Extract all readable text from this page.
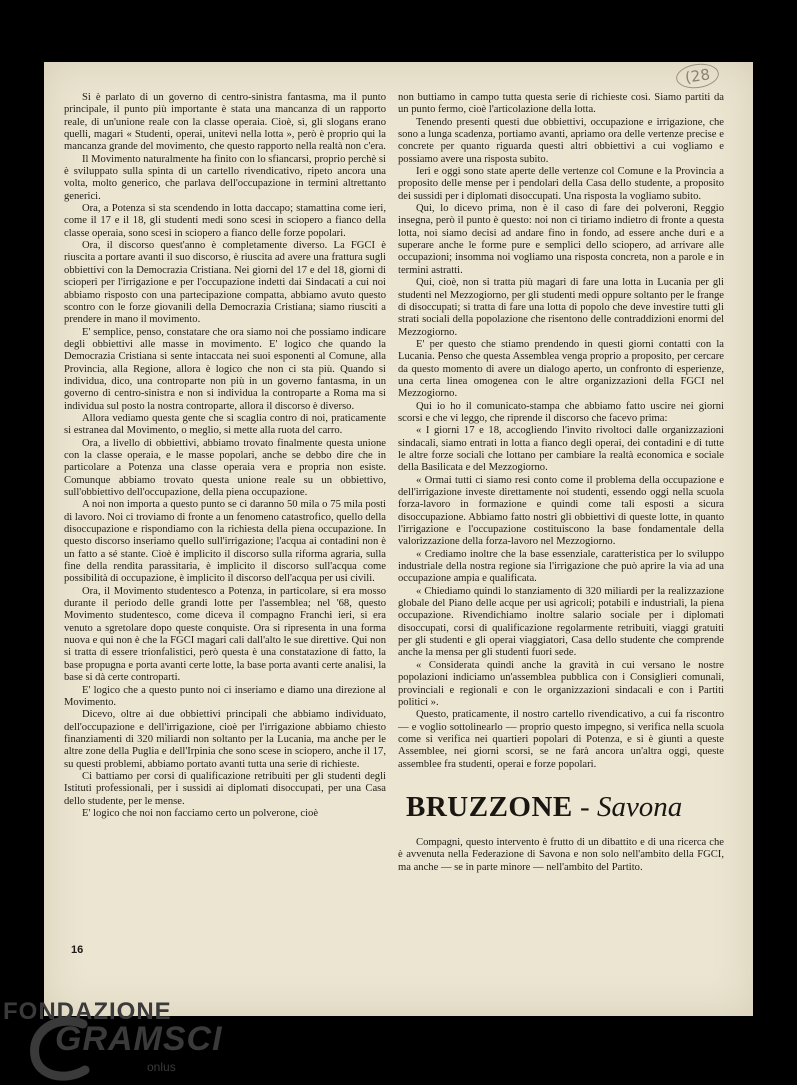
(28

Si è parlato di un governo di centro-sinistra fantasma, ma il punto principale, il punto più importante è stata una mancanza di un rapporto reale, di un'unione reale con la classe operaia. Cioè, sì, gli slogans erano quelli, magari « Studenti, operai, unitevi nella lotta », però è proprio qui la mancanza grande del movimento, che questo rapporto nella realtà non c'era.

Il Movimento naturalmente ha finito con lo sfiancarsi, proprio perchè si è sviluppato sulla spinta di un cartello rivendicativo, ripeto ancora una volta, molto generico, che parlava dell'occupazione in termini altrettanto generici.

Ora, a Potenza si sta scendendo in lotta daccapo; stamattina come ieri, come il 17 e il 18, gli studenti medi sono scesi in sciopero a fianco della classe operaia, sono scesi in sciopero a fianco delle forze popolari.

Ora, il discorso quest'anno è completamente diverso. La FGCI è riuscita a portare avanti il suo discorso, è riuscita ad avere una frattura sugli obbiettivi con la Democrazia Cristiana. Nei giorni del 17 e del 18, giorni di scioperi per l'irrigazione e per l'occupazione indetti dai Sindacati a cui noi abbiamo risposto con una partecipazione compatta, abbiamo avuto questo scontro con le forze giovanili della Democrazia Cristiana; siamo riusciti a prendere in mano il movimento.

E' semplice, penso, constatare che ora siamo noi che possiamo indicare degli obbiettivi alle masse in movimento. E' logico che quando la Democrazia Cristiana si sente intaccata nei suoi esponenti al Comune, alla Provincia, alla Regione, allora è logico che non ci sta più. Quando si individua, dico, una controparte non più in un governo fantasma, in un governo di centro-sinistra e non si individua la controparte a Roma ma si individua sul posto la nostra controparte, allora il discorso è diverso.

Allora vediamo questa gente che si scaglia contro di noi, praticamente si estranea dal Movimento, o meglio, si mette alla ruota del carro.

Ora, a livello di obbiettivi, abbiamo trovato finalmente questa unione con la classe operaia, e le masse popolari, anche se debbo dire che in particolare a Potenza una classe operaia vera e propria non esiste. Comunque abbiamo trovato questa unione reale su un obbiettivo, sull'obbiettivo dell'occupazione, della piena occupazione.

A noi non importa a questo punto se ci daranno 50 mila o 75 mila posti di lavoro. Noi ci troviamo di fronte a un fenomeno catastrofico, quello della disoccupazione e rispondiamo con la richiesta della piena occupazione. In questo discorso inseriamo quello sull'irrigazione; l'acqua ai contadini non è un fatto a sé stante. Cioè è implicito il discorso sulla riforma agraria, sulla fine della rendita parassitaria, è implicito il discorso sull'acqua come possibilità di occupazione, è implicito il discorso dell'acqua per usi civili.

Ora, il Movimento studentesco a Potenza, in particolare, si era mosso durante il periodo delle grandi lotte per l'assemblea; nel '68, questo Movimento studentesco, come diceva il compagno Franchi ieri, si era venuto a sgretolare dopo queste conquiste. Ora si ripresenta in una forma nuova e qui non è che la FGCI magari cali dall'alto le sue direttive. Qui non si tratta di essere trionfalistici, però questa è una constatazione di fatto, la base propugna e porta avanti certe lotte, la base porta avanti certe analisi, la base si dà certe controparti.

E' logico che a questo punto noi ci inseriamo e diamo una direzione al Movimento.

Dicevo, oltre ai due obbiettivi principali che abbiamo individuato, dell'occupazione e dell'irrigazione, cioè per l'irrigazione abbiamo chiesto finanziamenti di 320 miliardi non soltanto per la Lucania, ma anche per le altre zone della Puglia e dell'Irpinia che sono scese in sciopero, anche il 17, su questi problemi, abbiamo portato avanti tutta una serie di richieste.

Ci battiamo per corsi di qualificazione retribuiti per gli studenti degli Istituti professionali, per i sussidi ai diplomati disoccupati, per una Casa dello studente, per le mense.

E' logico che noi non facciamo certo un polverone, cioè

non buttiamo in campo tutta questa serie di richieste così. Siamo partiti da un punto fermo, cioè l'articolazione della lotta.

Tenendo presenti questi due obbiettivi, occupazione e irrigazione, che sono a lunga scadenza, portiamo avanti, apriamo ora delle vertenze precise e concrete per quanto riguarda questi altri obbiettivi a cui vogliamo e possiamo avere una risposta subito.

Ieri e oggi sono state aperte delle vertenze col Comune e la Provincia a proposito delle mense per i pendolari della Casa dello studente, a proposito dei sussidi per i diplomati disoccupati. Una risposta la vogliamo subito.

Qui, lo dicevo prima, non è il caso di fare dei polveroni, Reggio insegna, però il punto è questo: noi non ci tiriamo indietro di fronte a questa lotta, noi siamo decisi ad andare fino in fondo, ad essere anche duri e a superare anche le forme pure e semplici dello sciopero, ad arrivare alle occupazioni; insomma noi vogliamo una risposta concreta, non a parole e in termini astratti.

Qui, cioè, non si tratta più magari di fare una lotta in Lucania per gli studenti nel Mezzogiorno, per gli studenti medi oppure soltanto per le frange di disoccupati; si tratta di fare una lotta di popolo che deve investire tutti gli strati sociali della popolazione che risentono delle contraddizioni enormi del Mezzogiorno.

E' per questo che stiamo prendendo in questi giorni contatti con la Lucania. Penso che questa Assemblea venga proprio a proposito, per cercare da questo momento di avere un dialogo aperto, un confronto di esperienze, una certa linea omogenea con le altre organizzazioni della FGCI nel Mezzogiorno.

Qui io ho il comunicato-stampa che abbiamo fatto uscire nei giorni scorsi e che vi leggo, che riprende il discorso che facevo prima:

« I giorni 17 e 18, accogliendo l'invito rivoltoci dalle organizzazioni sindacali, siamo entrati in lotta a fianco degli operai, dei contadini e di tutte le altre forze sociali che lottano per cambiare la realtà economica e sociale della Basilicata e del Mezzogiorno.

« Ormai tutti ci siamo resi conto come il problema della occupazione e dell'irrigazione investe direttamente noi studenti, essendo oggi nella scuola forza-lavoro in formazione e quindi come tali esposti a sicura disoccupazione. Abbiamo fatto nostri gli obbiettivi di queste lotte, in quanto l'irrigazione e l'occupazione costituiscono la base fondamentale della valorizzazione della forza-lavoro nel Mezzogiorno.

« Crediamo inoltre che la base essenziale, caratteristica per lo sviluppo industriale della nostra regione sia l'irrigazione che può aprire la via ad una occupazione ampia e qualificata.

« Chiediamo quindi lo stanziamento di 320 miliardi per la realizzazione globale del Piano delle acque per usi agricoli; potabili e industriali, la piena occupazione. Rivendichiamo inoltre salario sociale per i diplomati disoccupati, corsi di qualificazione regolarmente retribuiti, viaggi gratuiti per gli studenti e gli operai viaggiatori, Casa dello studente che comprende anche la mensa per gli studenti fuori sede.

« Considerata quindi anche la gravità in cui versano le nostre popolazioni indiciamo un'assemblea pubblica con i Consiglieri comunali, provinciali e regionali e con le organizzazioni sindacali e con i Partiti politici ».

Questo, praticamente, il nostro cartello rivendicativo, a cui fa riscontro — e voglio sottolinearlo — proprio questo impegno, si verifica nella scuola come si verifica nei quartieri popolari di Potenza, e si è giunti a queste Assemblee, nei giorni scorsi, se ne farà ancora un'altra oggi, queste assemblee fra studenti, operai e forze popolari.

BRUZZONE - Savona

Compagni, questo intervento è frutto di un dibattito e di una ricerca che è avvenuta nella Federazione di Savona e non solo nell'ambito della FGCI, ma anche — se in parte minore — nell'ambito del Partito.

16
FONDAZIONE
GRAMSCI
onlus
